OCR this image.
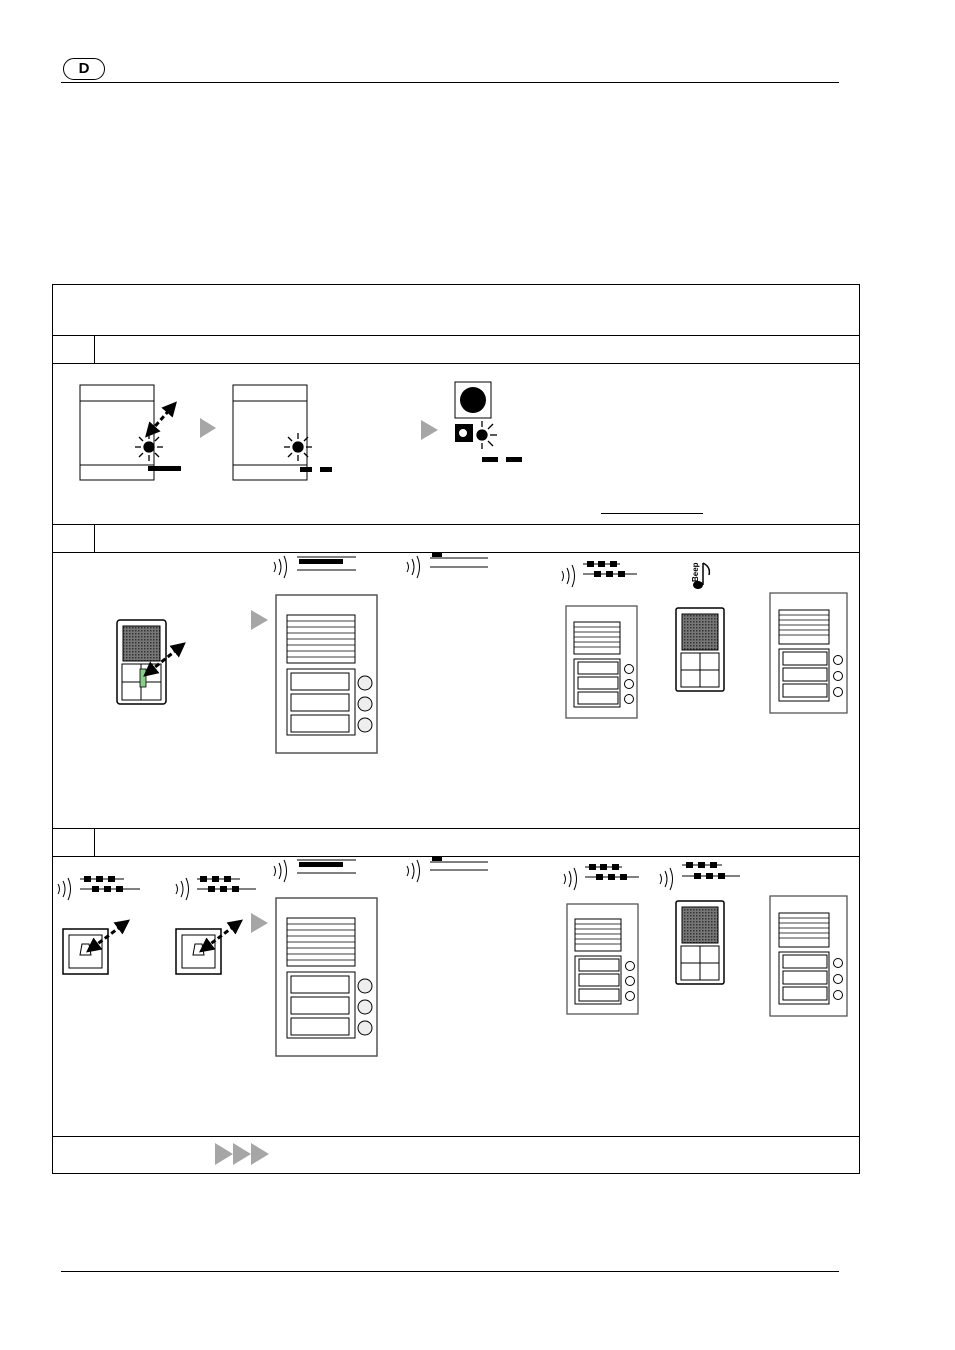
D
Beep
